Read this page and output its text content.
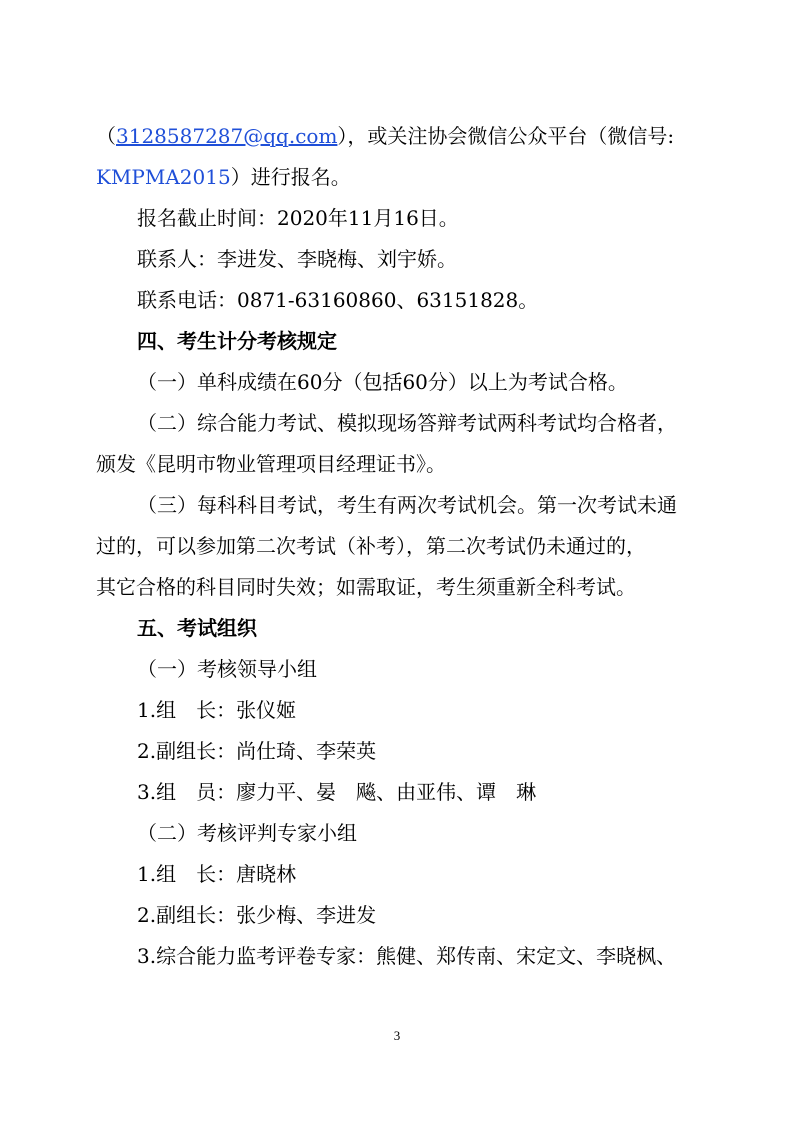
（3128587287@qq.com），或关注协会微信公众平台（微信号:
KMPMA2015）进行报名。
报名截止时间：2020年11月16日。
联系人：李进发、李晓梅、刘宇娇。
联系电话：0871-63160860、63151828。
四、考生计分考核规定
（一）单科成绩在60分（包括60分）以上为考试合格。
（二）综合能力考试、模拟现场答辩考试两科考试均合格者，
颁发《昆明市物业管理项目经理证书》。
（三）每科科目考试，考生有两次考试机会。第一次考试未通
过的，可以参加第二次考试（补考），第二次考试仍未通过的，
其它合格的科目同时失效；如需取证，考生须重新全科考试。
五、考试组织
（一）考核领导小组
1.组　长：张仪姬
2.副组长：尚仕琦、李荣英
3.组　员：廖力平、晏　飚、由亚伟、谭　琳
（二）考核评判专家小组
1.组　长：唐晓林
2.副组长：张少梅、李进发
3.综合能力监考评卷专家：熊健、郑传南、宋定文、李晓枫、
3
